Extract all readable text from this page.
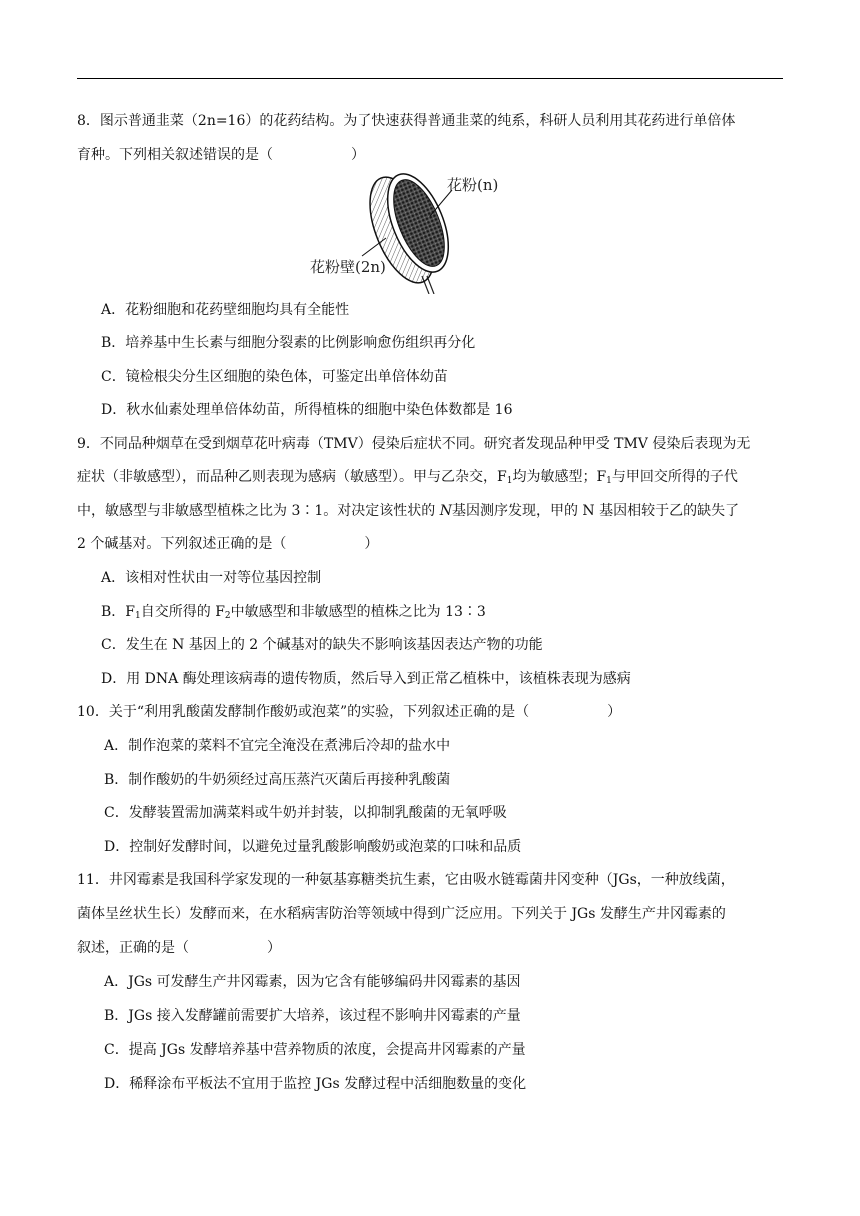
8．图示普通韭菜（2n=16）的花药结构。为了快速获得普通韭菜的纯系，科研人员利用其花药进行单倍体
育种。下列相关叙述错误的是（	）
花粉(n)
花粉壁(2n)
A．花粉细胞和花药壁细胞均具有全能性
B．培养基中生长素与细胞分裂素的比例影响愈伤组织再分化
C．镜检根尖分生区细胞的染色体，可鉴定出单倍体幼苗
D．秋水仙素处理单倍体幼苗，所得植株的细胞中染色体数都是 16
9．不同品种烟草在受到烟草花叶病毒（TMV）侵染后症状不同。研究者发现品种甲受 TMV 侵染后表现为无
症状（非敏感型），而品种乙则表现为感病（敏感型）。甲与乙杂交，$F_1$均为敏感型；$F_1$与甲回交所得的子代
中，敏感型与非敏感型植株之比为 3∶1。对决定该性状的 N基因测序发现，甲的 N 基因相较于乙的缺失了
2 个碱基对。下列叙述正确的是（	）
A．该相对性状由一对等位基因控制
B．$F_1$自交所得的 $F_2$中敏感型和非敏感型的植株之比为 13∶3
C．发生在 N 基因上的 2 个碱基对的缺失不影响该基因表达产物的功能
D．用 DNA 酶处理该病毒的遗传物质，然后导入到正常乙植株中，该植株表现为感病
10．关于“利用乳酸菌发酵制作酸奶或泡菜”的实验，下列叙述正确的是（	）
A．制作泡菜的菜料不宜完全淹没在煮沸后冷却的盐水中
B．制作酸奶的牛奶须经过高压蒸汽灭菌后再接种乳酸菌
C．发酵装置需加满菜料或牛奶并封装，以抑制乳酸菌的无氧呼吸
D．控制好发酵时间，以避免过量乳酸影响酸奶或泡菜的口味和品质
11．井冈霉素是我国科学家发现的一种氨基寡糖类抗生素，它由吸水链霉菌井冈变种（JGs，一种放线菌，
菌体呈丝状生长）发酵而来，在水稻病害防治等领域中得到广泛应用。下列关于 JGs 发酵生产井冈霉素的
叙述，正确的是（	）
A．JGs 可发酵生产井冈霉素，因为它含有能够编码井冈霉素的基因
B．JGs 接入发酵罐前需要扩大培养，该过程不影响井冈霉素的产量
C．提高 JGs 发酵培养基中营养物质的浓度，会提高井冈霉素的产量
D．稀释涂布平板法不宜用于监控 JGs 发酵过程中活细胞数量的变化
